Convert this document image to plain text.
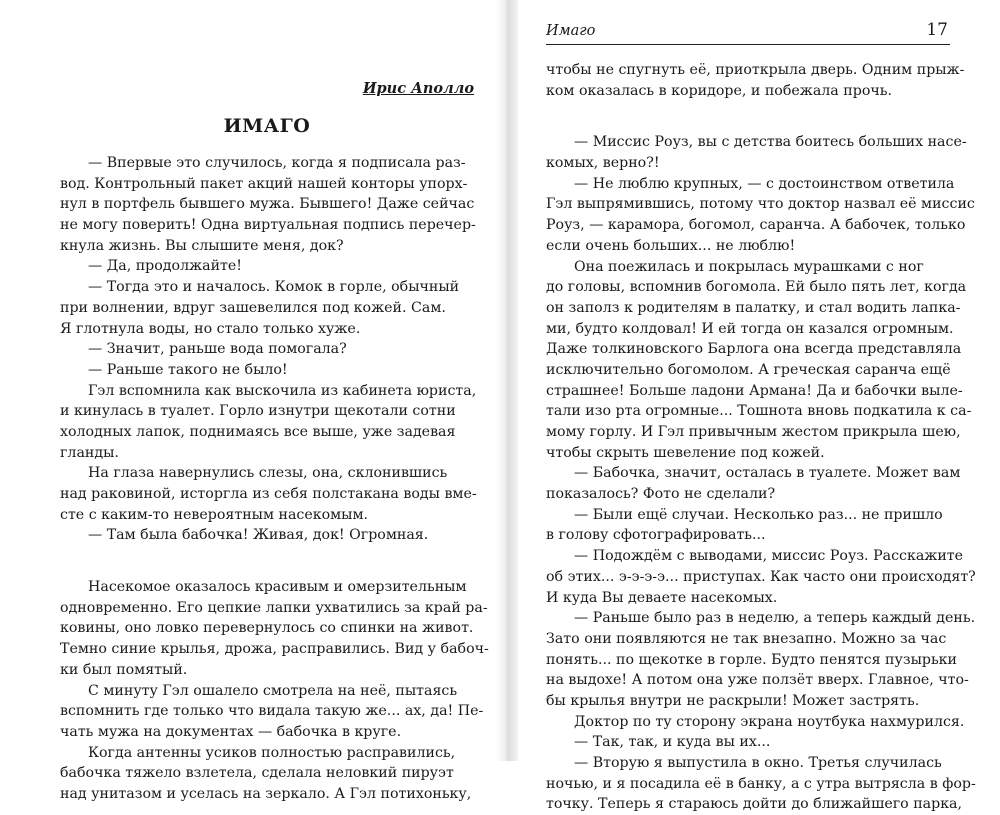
Ирис Аполло
ИМАГО
— Впервые это случилось, когда я подписала раз-
вод. Контрольный пакет акций нашей конторы упорх-
нул в портфель бывшего мужа. Бывшего! Даже сейчас
не могу поверить! Одна виртуальная подпись перечер-
кнула жизнь. Вы слышите меня, док?
— Да, продолжайте!
— Тогда это и началось. Комок в горле, обычный
при волнении, вдруг зашевелился под кожей. Сам.
Я глотнула воды, но стало только хуже.
— Значит, раньше вода помогала?
— Раньше такого не было!
Гэл вспомнила как выскочила из кабинета юриста,
и кинулась в туалет. Горло изнутри щекотали сотни
холодных лапок, поднимаясь все выше, уже задевая
гланды.
На глаза навернулись слезы, она, склонившись
над раковиной, исторгла из себя полстакана воды вме-
сте с каким-то невероятным насекомым.
— Там была бабочка! Живая, док! Огромная.
Насекомое оказалось красивым и омерзительным
одновременно. Его цепкие лапки ухватились за край ра-
ковины, оно ловко перевернулось со спинки на живот.
Темно синие крылья, дрожа, расправились. Вид у бабоч-
ки был помятый.
С минуту Гэл ошалело смотрела на неё, пытаясь
вспомнить где только что видала такую же... ах, да! Пе-
чать мужа на документах — бабочка в круге.
Когда антенны усиков полностью расправились,
бабочка тяжело взлетела, сделала неловкий пируэт
над унитазом и уселась на зеркало. А Гэл потихоньку,
Имаго	17
чтобы не спугнуть её, приоткрыла дверь. Одним прыж-
ком оказалась в коридоре, и побежала прочь.
— Миссис Роуз, вы с детства боитесь больших насе-
комых, верно?!
— Не люблю крупных, — с достоинством ответила
Гэл выпрямившись, потому что доктор назвал её миссис
Роуз, — карамора, богомол, саранча. А бабочек, только
если очень больших... не люблю!
Она поежилась и покрылась мурашками с ног
до головы, вспомнив богомола. Ей было пять лет, когда
он заполз к родителям в палатку, и стал водить лапка-
ми, будто колдовал! И ей тогда он казался огромным.
Даже толкиновского Барлога она всегда представляла
исключительно богомолом. А греческая саранча ещё
страшнее! Больше ладони Армана! Да и бабочки выле-
тали изо рта огромные... Тошнота вновь подкатила к са-
мому горлу. И Гэл привычным жестом прикрыла шею,
чтобы скрыть шевеление под кожей.
— Бабочка, значит, осталась в туалете. Может вам
показалось? Фото не сделали?
— Были ещё случаи. Несколько раз... не пришло
в голову сфотографировать...
— Подождём с выводами, миссис Роуз. Расскажите
об этих... э-э-э-э... приступах. Как часто они происходят?
И куда Вы деваете насекомых.
— Раньше было раз в неделю, а теперь каждый день.
Зато они появляются не так внезапно. Можно за час
понять... по щекотке в горле. Будто пенятся пузырьки
на выдохе! А потом она уже ползёт вверх. Главное, что-
бы крылья внутри не раскрыли! Может застрять.
Доктор по ту сторону экрана ноутбука нахмурился.
— Так, так, и куда вы их...
— Вторую я выпустила в окно. Третья случилась
ночью, и я посадила её в банку, а с утра вытрясла в фор-
точку. Теперь я стараюсь дойти до ближайшего парка,
